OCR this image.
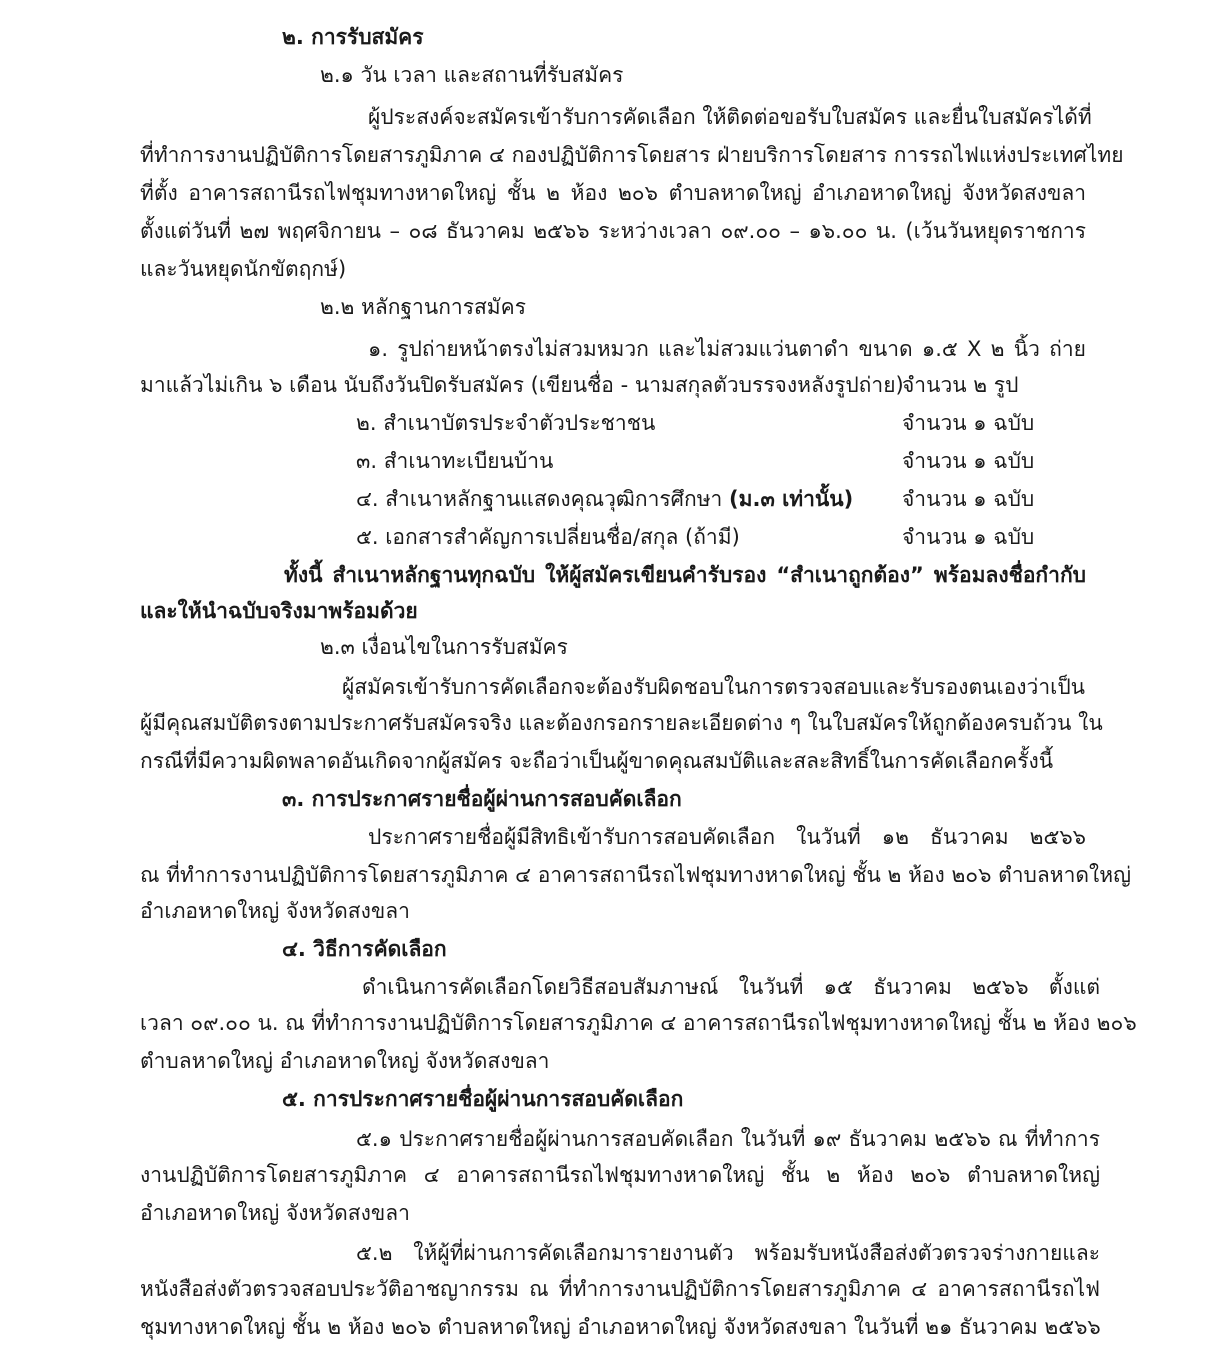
๒. การรับสมัคร
๒.๑ วัน เวลา และสถานที่รับสมัคร
ผู้ประสงค์จะสมัครเข้ารับการคัดเลือก ให้ติดต่อขอรับใบสมัคร และยื่นใบสมัครได้ที่
ที่ทำการงานปฏิบัติการโดยสารภูมิภาค ๔ กองปฏิบัติการโดยสาร ฝ่ายบริการโดยสาร การรถไฟแห่งประเทศไทย
ที่ตั้ง อาคารสถานีรถไฟชุมทางหาดใหญ่ ชั้น ๒ ห้อง ๒๐๖ ตำบลหาดใหญ่ อำเภอหาดใหญ่ จังหวัดสงขลา
ตั้งแต่วันที่ ๒๗ พฤศจิกายน – ๐๘ ธันวาคม ๒๕๖๖ ระหว่างเวลา ๐๙.๐๐ – ๑๖.๐๐ น. (เว้นวันหยุดราชการ
และวันหยุดนักขัตฤกษ์)
๒.๒ หลักฐานการสมัคร
๑. รูปถ่ายหน้าตรงไม่สวมหมวก และไม่สวมแว่นตาดำ ขนาด ๑.๕ X ๒ นิ้ว ถ่าย
มาแล้วไม่เกิน ๖ เดือน นับถึงวันปิดรับสมัคร (เขียนชื่อ - นามสกุลตัวบรรจงหลังรูปถ่าย)
จำนวน ๒ รูป
๒. สำเนาบัตรประจำตัวประชาชน	จำนวน ๑ ฉบับ
๓. สำเนาทะเบียนบ้าน	จำนวน ๑ ฉบับ
๔. สำเนาหลักฐานแสดงคุณวุฒิการศึกษา (ม.๓ เท่านั้น) จำนวน ๑ ฉบับ
๕. เอกสารสำคัญการเปลี่ยนชื่อ/สกุล (ถ้ามี)	จำนวน ๑ ฉบับ
ทั้งนี้ สำเนาหลักฐานทุกฉบับ ให้ผู้สมัครเขียนคำรับรอง “สำเนาถูกต้อง” พร้อมลงชื่อกำกับ
และให้นำฉบับจริงมาพร้อมด้วย
๒.๓ เงื่อนไขในการรับสมัคร
ผู้สมัครเข้ารับการคัดเลือกจะต้องรับผิดชอบในการตรวจสอบและรับรองตนเองว่าเป็น
ผู้มีคุณสมบัติตรงตามประกาศรับสมัครจริง และต้องกรอกรายละเอียดต่าง ๆ ในใบสมัครให้ถูกต้องครบถ้วน ใน
กรณีที่มีความผิดพลาดอันเกิดจากผู้สมัคร จะถือว่าเป็นผู้ขาดคุณสมบัติและสละสิทธิ์ในการคัดเลือกครั้งนี้
๓. การประกาศรายชื่อผู้ผ่านการสอบคัดเลือก
ประกาศรายชื่อผู้มีสิทธิเข้ารับการสอบคัดเลือก ในวันที่ ๑๒ ธันวาคม ๒๕๖๖
ณ ที่ทำการงานปฏิบัติการโดยสารภูมิภาค ๔ อาคารสถานีรถไฟชุมทางหาดใหญ่ ชั้น ๒ ห้อง ๒๐๖ ตำบลหาดใหญ่
อำเภอหาดใหญ่ จังหวัดสงขลา
๔. วิธีการคัดเลือก
ดำเนินการคัดเลือกโดยวิธีสอบสัมภาษณ์ ในวันที่ ๑๕ ธันวาคม ๒๕๖๖ ตั้งแต่
เวลา ๐๙.๐๐ น. ณ ที่ทำการงานปฏิบัติการโดยสารภูมิภาค ๔ อาคารสถานีรถไฟชุมทางหาดใหญ่ ชั้น ๒ ห้อง ๒๐๖
ตำบลหาดใหญ่ อำเภอหาดใหญ่ จังหวัดสงขลา
๕. การประกาศรายชื่อผู้ผ่านการสอบคัดเลือก
๕.๑ ประกาศรายชื่อผู้ผ่านการสอบคัดเลือก ในวันที่ ๑๙ ธันวาคม ๒๕๖๖ ณ ที่ทำการ
งานปฏิบัติการโดยสารภูมิภาค ๔ อาคารสถานีรถไฟชุมทางหาดใหญ่ ชั้น ๒ ห้อง ๒๐๖ ตำบลหาดใหญ่
อำเภอหาดใหญ่ จังหวัดสงขลา
๕.๒ ให้ผู้ที่ผ่านการคัดเลือกมารายงานตัว พร้อมรับหนังสือส่งตัวตรวจร่างกายและ
หนังสือส่งตัวตรวจสอบประวัติอาชญากรรม ณ ที่ทำการงานปฏิบัติการโดยสารภูมิภาค ๔ อาคารสถานีรถไฟ
ชุมทางหาดใหญ่ ชั้น ๒ ห้อง ๒๐๖ ตำบลหาดใหญ่ อำเภอหาดใหญ่ จังหวัดสงขลา ในวันที่ ๒๑ ธันวาคม ๒๕๖๖
